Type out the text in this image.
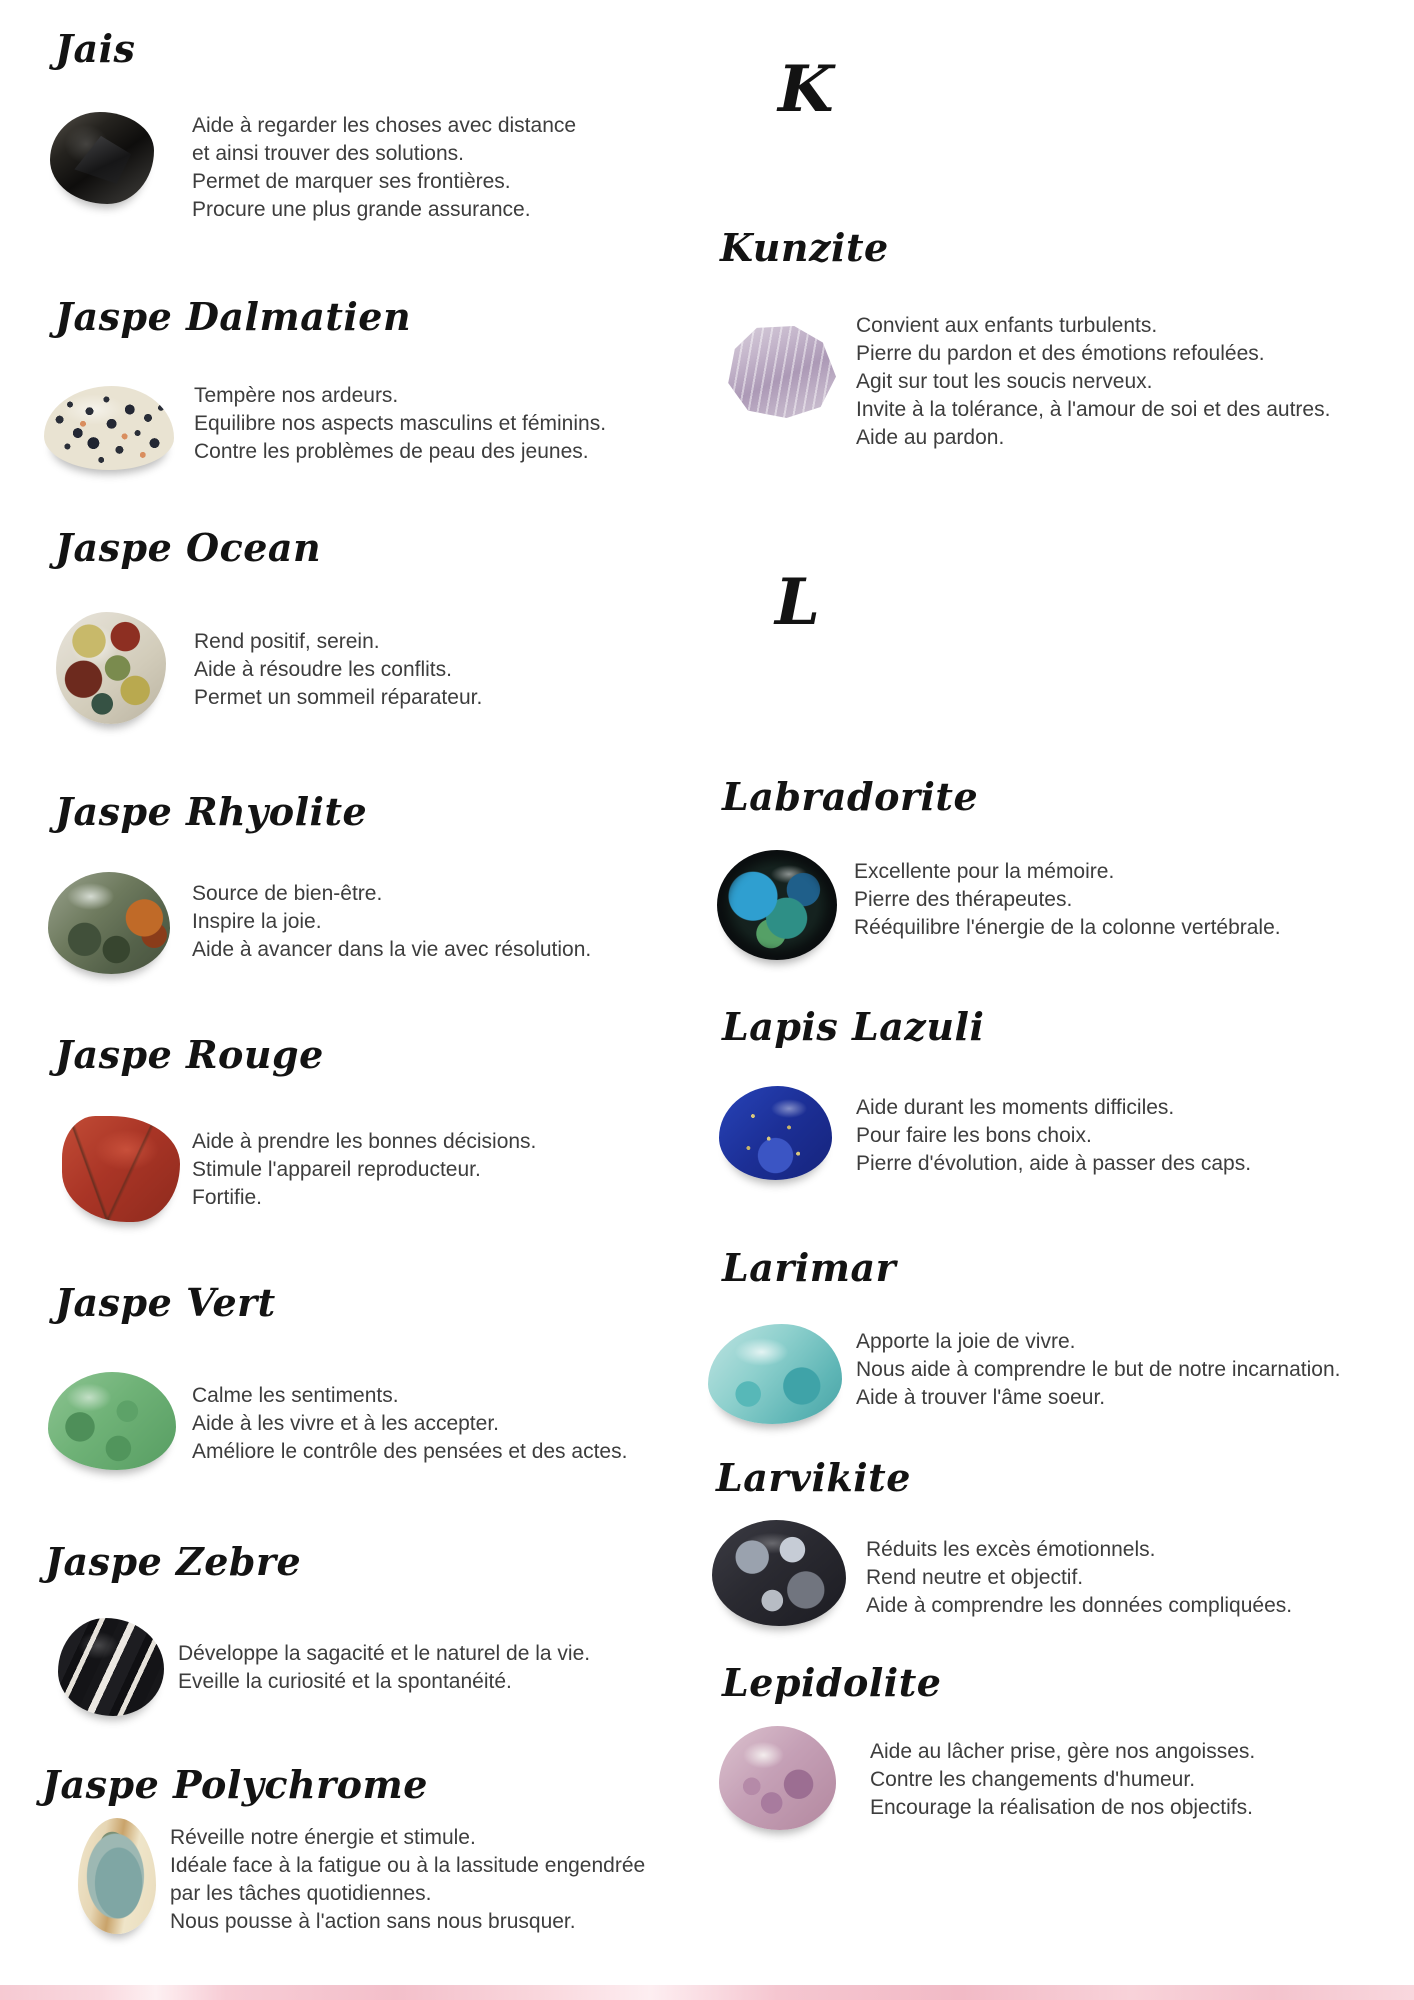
Jais
Aide à regarder les choses avec distance
et ainsi trouver des solutions.
Permet de marquer ses frontières.
Procure une plus grande assurance.
Jaspe Dalmatien
Tempère nos ardeurs.
Equilibre nos aspects masculins et féminins.
Contre les problèmes de peau des jeunes.
Jaspe Ocean
Rend positif, serein.
Aide à résoudre les conflits.
Permet un sommeil réparateur.
Jaspe Rhyolite
Source de bien-être.
Inspire la joie.
Aide à avancer dans la vie avec résolution.
Jaspe Rouge
Aide à prendre les bonnes décisions.
Stimule l'appareil reproducteur.
Fortifie.
Jaspe Vert
Calme les sentiments.
Aide à les vivre et à les accepter.
Améliore le contrôle des pensées et des actes.
Jaspe Zebre
Développe la sagacité et le naturel de la vie.
Eveille la curiosité et la spontanéité.
Jaspe Polychrome
Réveille notre énergie et stimule.
Idéale face à la fatigue ou à la lassitude engendrée
par les tâches quotidiennes.
Nous pousse à l'action sans nous brusquer.
K
Kunzite
Convient aux enfants turbulents.
Pierre du pardon et des émotions refoulées.
Agit sur tout les soucis nerveux.
Invite à la tolérance, à l'amour de soi et des autres.
Aide au pardon.
L
Labradorite
Excellente pour la mémoire.
Pierre des thérapeutes.
Rééquilibre l'énergie de la colonne vertébrale.
Lapis Lazuli
Aide durant les moments difficiles.
Pour faire les bons choix.
Pierre d'évolution, aide à passer des caps.
Larimar
Apporte la joie de vivre.
Nous aide à comprendre le but de notre incarnation.
Aide à trouver l'âme soeur.
Larvikite
Réduits les excès émotionnels.
Rend neutre et objectif.
Aide à comprendre les données compliquées.
Lepidolite
Aide au lâcher prise, gère nos angoisses.
Contre les changements d'humeur.
Encourage la réalisation de nos objectifs.
